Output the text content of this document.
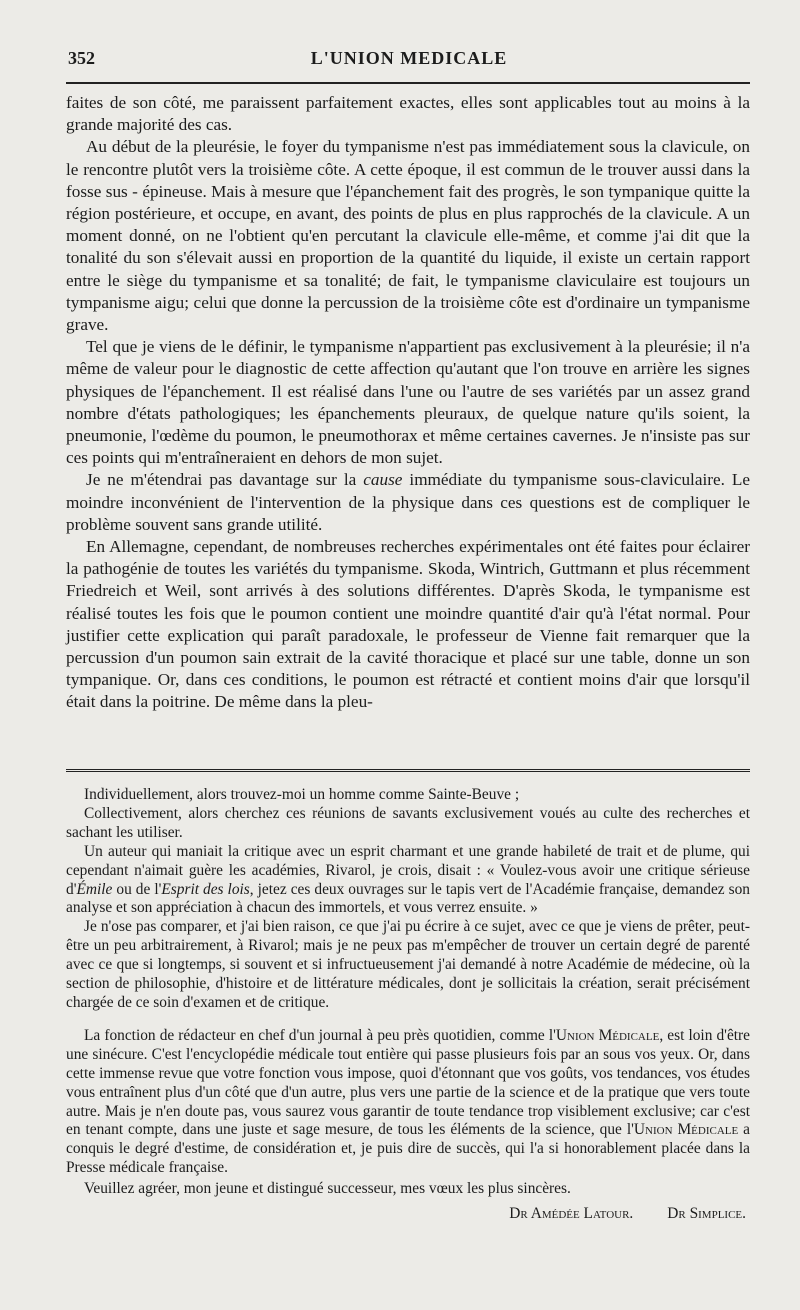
352	L'UNION MEDICALE

faites de son côté, me paraissent parfaitement exactes, elles sont applicables tout au moins à la grande majorité des cas.

Au début de la pleurésie, le foyer du tympanisme n'est pas immédiatement sous la clavicule, on le rencontre plutôt vers la troisième côte. A cette époque, il est commun de le trouver aussi dans la fosse sus - épineuse. Mais à mesure que l'épanchement fait des progrès, le son tympanique quitte la région postérieure, et occupe, en avant, des points de plus en plus rapprochés de la clavicule. A un moment donné, on ne l'obtient qu'en percutant la clavicule elle-même, et comme j'ai dit que la tonalité du son s'élevait aussi en proportion de la quantité du liquide, il existe un certain rapport entre le siège du tympanisme et sa tonalité; de fait, le tympanisme claviculaire est toujours un tympanisme aigu; celui que donne la percussion de la troisième côte est d'ordinaire un tympanisme grave.

Tel que je viens de le définir, le tympanisme n'appartient pas exclusivement à la pleurésie; il n'a même de valeur pour le diagnostic de cette affection qu'autant que l'on trouve en arrière les signes physiques de l'épanchement. Il est réalisé dans l'une ou l'autre de ses variétés par un assez grand nombre d'états pathologiques; les épanchements pleuraux, de quelque nature qu'ils soient, la pneumonie, l'œdème du poumon, le pneumothorax et même certaines cavernes. Je n'insiste pas sur ces points qui m'entraîneraient en dehors de mon sujet.

Je ne m'étendrai pas davantage sur la cause immédiate du tympanisme sous-claviculaire. Le moindre inconvénient de l'intervention de la physique dans ces questions est de compliquer le problème souvent sans grande utilité.

En Allemagne, cependant, de nombreuses recherches expérimentales ont été faites pour éclairer la pathogénie de toutes les variétés du tympanisme. Skoda, Wintrich, Guttmann et plus récemment Friedreich et Weil, sont arrivés à des solutions différentes. D'après Skoda, le tympanisme est réalisé toutes les fois que le poumon contient une moindre quantité d'air qu'à l'état normal. Pour justifier cette explication qui paraît paradoxale, le professeur de Vienne fait remarquer que la percussion d'un poumon sain extrait de la cavité thoracique et placé sur une table, donne un son tympanique. Or, dans ces conditions, le poumon est rétracté et contient moins d'air que lorsqu'il était dans la poitrine. De même dans la pleu-

Individuellement, alors trouvez-moi un homme comme Sainte-Beuve ;

Collectivement, alors cherchez ces réunions de savants exclusivement voués au culte des recherches et sachant les utiliser.

Un auteur qui maniait la critique avec un esprit charmant et une grande habileté de trait et de plume, qui cependant n'aimait guère les académies, Rivarol, je crois, disait : « Voulez-vous avoir une critique sérieuse d'Émile ou de l'Esprit des lois, jetez ces deux ouvrages sur le tapis vert de l'Académie française, demandez son analyse et son appréciation à chacun des immortels, et vous verrez ensuite. »

Je n'ose pas comparer, et j'ai bien raison, ce que j'ai pu écrire à ce sujet, avec ce que je viens de prêter, peut-être un peu arbitrairement, à Rivarol; mais je ne peux pas m'empêcher de trouver un certain degré de parenté avec ce que si longtemps, si souvent et si infructueusement j'ai demandé à notre Académie de médecine, où la section de philosophie, d'histoire et de littérature médicales, dont je sollicitais la création, serait précisément chargée de ce soin d'examen et de critique.

La fonction de rédacteur en chef d'un journal à peu près quotidien, comme l'Union Médicale, est loin d'être une sinécure. C'est l'encyclopédie médicale tout entière qui passe plusieurs fois par an sous vos yeux. Or, dans cette immense revue que votre fonction vous impose, quoi d'étonnant que vos goûts, vos tendances, vos études vous entraînent plus d'un côté que d'un autre, plus vers une partie de la science et de la pratique que vers toute autre. Mais je n'en doute pas, vous saurez vous garantir de toute tendance trop visiblement exclusive; car c'est en tenant compte, dans une juste et sage mesure, de tous les éléments de la science, que l'Union Médicale a conquis le degré d'estime, de considération et, je puis dire de succès, qui l'a si honorablement placée dans la Presse médicale française.

Veuillez agréer, mon jeune et distingué successeur, mes vœux les plus sincères.
Dr Amédée Latour. Dr Simplice.
